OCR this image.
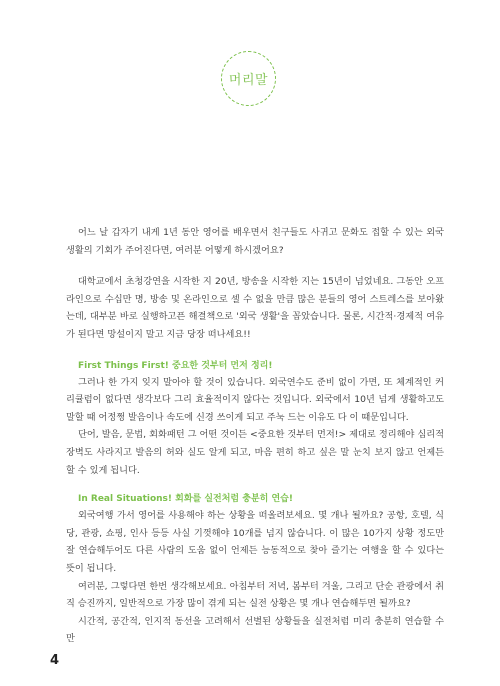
머리말

어느 날 갑자기 내게 1년 동안 영어를 배우면서 친구들도 사귀고 문화도 접할 수 있는 외국 생활의 기회가 주어진다면, 여러분 어떻게 하시겠어요?

대학교에서 초청강연을 시작한 지 20년, 방송을 시작한 지는 15년이 넘었네요. 그동안 오프라인으로 수십만 명, 방송 및 온라인으로 셀 수 없을 만큼 많은 분들의 영어 스트레스를 보아왔는데, 대부분 바로 실행하고픈 해결책으로 '외국 생활'을 꼽았습니다. 물론, 시간적·경제적 여유가 된다면 망설이지 말고 지금 당장 떠나세요!!

First Things First! 중요한 것부터 먼저 정리!

그러나 한 가지 잊지 말아야 할 것이 있습니다. 외국연수도 준비 없이 가면, 또 체계적인 커리큘럼이 없다면 생각보다 그리 효율적이지 않다는 것입니다. 외국에서 10년 넘게 생활하고도 말할 때 어정쩡 발음이나 속도에 신경 쓰이게 되고 주눅 드는 이유도 다 이 때문입니다.

단어, 발음, 문법, 회화패턴 그 어떤 것이든 <중요한 것부터 먼저!> 제대로 정리해야 심리적 장벽도 사라지고 발음의 허와 실도 알게 되고, 마음 편히 하고 싶은 말 눈치 보지 않고 언제든 할 수 있게 됩니다.

In Real Situations! 회화를 실전처럼 충분히 연습!

외국여행 가서 영어를 사용해야 하는 상황을 떠올려보세요. 몇 개나 될까요? 공항, 호텔, 식당, 관광, 쇼핑, 인사 등등 사실 기껏해야 10개를 넘지 않습니다. 이 많은 10가지 상황 정도만 잘 연습해두어도 다른 사람의 도움 없이 언제든 능동적으로 찾아 즐기는 여행을 할 수 있다는 뜻이 됩니다.

여러분, 그렇다면 한번 생각해보세요. 아침부터 저녁, 봄부터 겨울, 그리고 단순 관광에서 취직 승진까지, 일반적으로 가장 많이 겪게 되는 실전 상황은 몇 개나 연습해두면 될까요?

시간적, 공간적, 인지적 동선을 고려해서 선별된 상황들을 실전처럼 미리 충분히 연습할 수만

4
